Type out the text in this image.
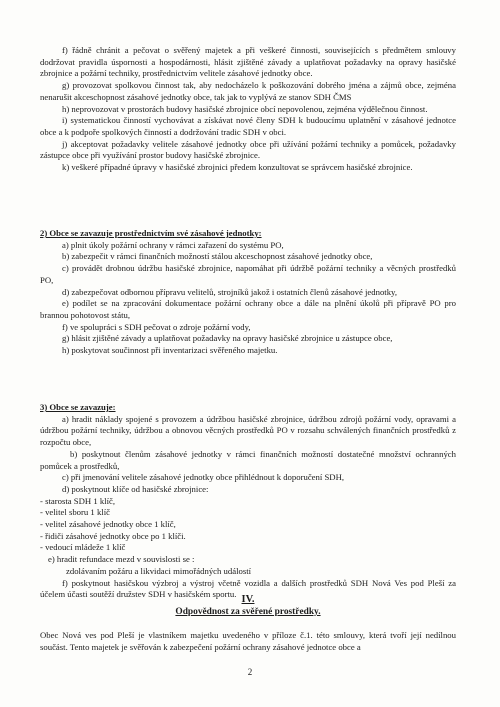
f) řádně chránit a pečovat o svěřený majetek a při veškeré činnosti, souvisejících s předmětem smlouvy dodržovat pravidla úspornosti a hospodárnosti, hlásit zjištěné závady a uplatňovat požadavky na opravy hasičské zbrojnice a požární techniky, prostřednictvím velitele zásahové jednotky obce.

g) provozovat spolkovou činnost tak, aby nedocházelo k poškozování dobrého jména a zájmů obce, zejména nenarušit akceschopnost zásahové jednotky obce, tak jak to vyplývá ze stanov SDH ČMS

h) neprovozovat v prostorách budovy hasičské zbrojnice obcí nepovolenou, zejména výdělečnou činnost.

i) systematickou činností vychovávat a získávat nové členy SDH k budoucímu uplatnění v zásahové jednotce obce a k podpoře spolkových činností a dodržování tradic SDH v obci.

j) akceptovat požadavky velitele zásahové jednotky obce při užívání požární techniky a pomůcek, požadavky zástupce obce při využívání prostor budovy hasičské zbrojnice.

k) veškeré případné úpravy v hasičské zbrojnici předem konzultovat se správcem hasičské zbrojnice.

2) Obce se zavazuje prostřednictvím své zásahové jednotky:

a) plnit úkoly požární ochrany v rámci zařazení do systému PO,

b) zabezpečit v rámci finančních možností stálou akceschopnost zásahové jednotky obce,

c) provádět drobnou údržbu hasičské zbrojnice, napomáhat při údržbě požární techniky a věcných prostředků PO,

d) zabezpečovat odbornou přípravu velitelů, strojníků jakož i ostatních členů zásahové jednotky,

e) podílet se na zpracování dokumentace požární ochrany obce a dále na plnění úkolů při přípravě PO pro brannou pohotovost státu,

f) ve spolupráci s SDH pečovat o zdroje požární vody,

g) hlásit zjištěné závady a uplatňovat požadavky na opravy hasičské zbrojnice u zástupce obce,

h) poskytovat součinnost při inventarizaci svěřeného majetku.

3) Obce se zavazuje:

a) hradit náklady spojené s provozem a údržbou hasičské zbrojnice, údržbou zdrojů požární vody, opravami a údržbou požární techniky, údržbou a obnovou věcných prostředků PO v rozsahu schválených finančních prostředků z rozpočtu obce,

b) poskytnout členům zásahové jednotky v rámci finančních možností dostatečné množství ochranných pomůcek a prostředků,

c) při jmenování velitele zásahové jednotky obce přihlédnout k doporučení SDH,

d) poskytnout klíče od hasičské zbrojnice:

- starosta SDH 1 klíč,

- velitel sboru 1 klíč

- velitel zásahové jednotky obce 1 klíč,

- řidiči zásahové jednotky obce po 1 klíči.

- vedoucí mládeže 1 klíč

e) hradit refundace mezd v souvislosti se :

zdolávaním požáru a likvidaci mimořádných událostí

f) poskytnout hasičskou výzbroj a výstroj včetně vozidla a dalších prostředků SDH Nová Ves pod Pleší za účelem účasti soutěží družstev SDH v hasičském sportu. IV.
Odpovědnost za svěřené prostředky.

Obec Nová ves pod Pleší je vlastníkem majetku uvedeného v příloze č.1. této smlouvy, která tvoří její nedílnou součást. Tento majetek je svěřován k zabezpečení požární ochrany zásahové jednotce obce a

2
